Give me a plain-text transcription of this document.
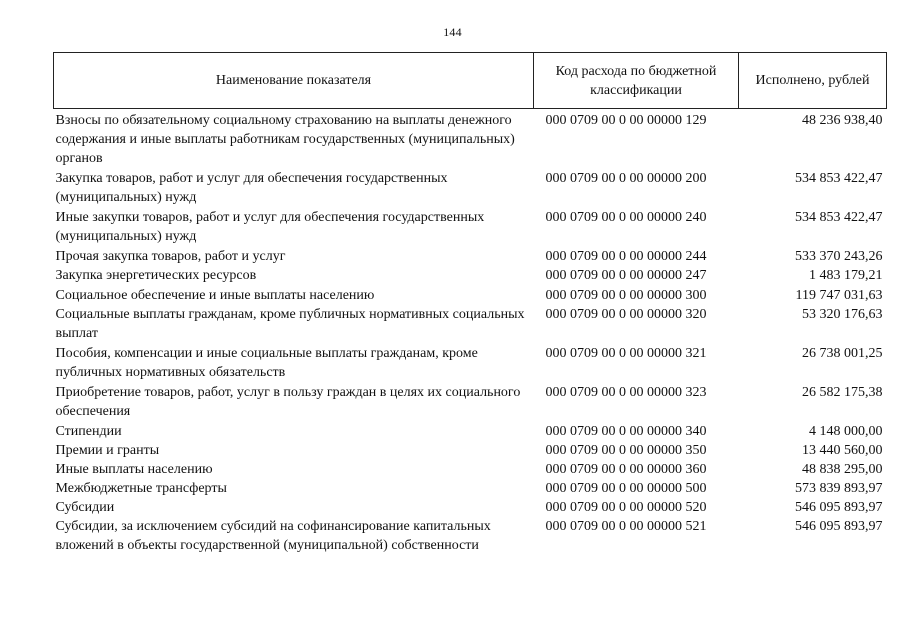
144
Наименование показателя	Код расхода по бюджетной классификации	Исполнено, рублей
Взносы по обязательному социальному страхованию на выплаты денежного содержания и иные выплаты работникам государственных (муниципальных) органов	000 0709 00 0 00 00000 129	48 236 938,40
Закупка товаров, работ и услуг для обеспечения государственных (муниципальных) нужд	000 0709 00 0 00 00000 200	534 853 422,47
Иные закупки товаров, работ и услуг для обеспечения государственных (муниципальных) нужд	000 0709 00 0 00 00000 240	534 853 422,47
Прочая закупка товаров, работ и услуг	000 0709 00 0 00 00000 244	533 370 243,26
Закупка энергетических ресурсов	000 0709 00 0 00 00000 247	1 483 179,21
Социальное обеспечение и иные выплаты населению	000 0709 00 0 00 00000 300	119 747 031,63
Социальные выплаты гражданам, кроме публичных нормативных социальных выплат	000 0709 00 0 00 00000 320	53 320 176,63
Пособия, компенсации и иные социальные выплаты гражданам, кроме публичных нормативных обязательств	000 0709 00 0 00 00000 321	26 738 001,25
Приобретение товаров, работ, услуг в пользу граждан в целях их социального обеспечения	000 0709 00 0 00 00000 323	26 582 175,38
Стипендии	000 0709 00 0 00 00000 340	4 148 000,00
Премии и гранты	000 0709 00 0 00 00000 350	13 440 560,00
Иные выплаты населению	000 0709 00 0 00 00000 360	48 838 295,00
Межбюджетные трансферты	000 0709 00 0 00 00000 500	573 839 893,97
Субсидии	000 0709 00 0 00 00000 520	546 095 893,97
Субсидии, за исключением субсидий на софинансирование капитальных вложений в объекты государственной (муниципальной) собственности	000 0709 00 0 00 00000 521	546 095 893,97
